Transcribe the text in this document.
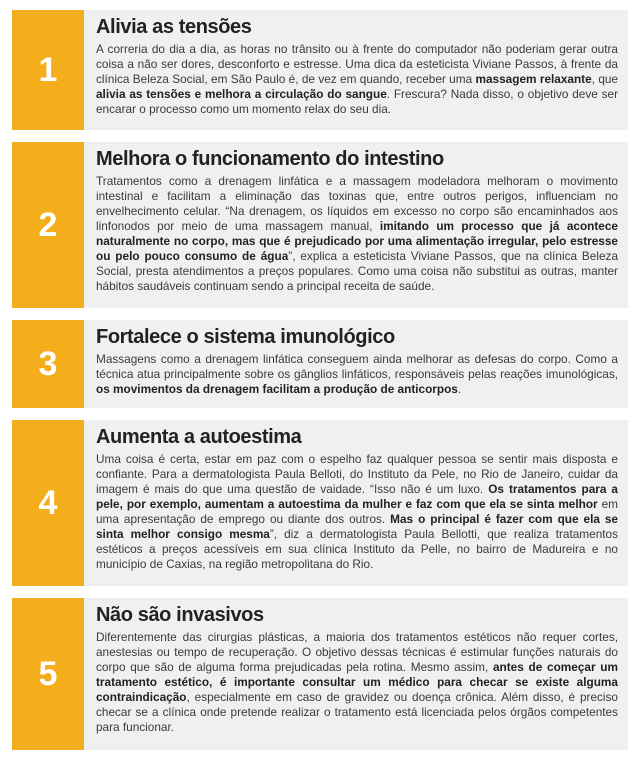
1
Alivia as tensões

A correria do dia a dia, as horas no trânsito ou à frente do computador não poderiam gerar outra coisa a não ser dores, desconforto e estresse. Uma dica da esteticista Viviane Passos, à frente da clínica Beleza Social, em São Paulo é, de vez em quando, receber uma massagem relaxante, que alivia as tensões e melhora a circulação do sangue. Frescura? Nada disso, o objetivo deve ser encarar o processo como um momento relax do seu dia.

2
Melhora o funcionamento do intestino

Tratamentos como a drenagem linfática e a massagem modeladora melhoram o movimento intestinal e facilitam a eliminação das toxinas que, entre outros perigos, influenciam no envelhecimento celular. “Na drenagem, os líquidos em excesso no corpo são encaminhados aos linfonodos por meio de uma massagem manual, imitando um processo que já acontece naturalmente no corpo, mas que é prejudicado por uma alimentação irregular, pelo estresse ou pelo pouco consumo de água”, explica a esteticista Viviane Passos, que na clínica Beleza Social, presta atendimentos a preços populares. Como uma coisa não substitui as outras, manter hábitos saudáveis continuam sendo a principal receita de saúde.

3
Fortalece o sistema imunológico

Massagens como a drenagem linfática conseguem ainda melhorar as defesas do corpo. Como a técnica atua principalmente sobre os gânglios linfáticos, responsáveis pelas reações imunológicas, os movimentos da drenagem facilitam a produção de anticorpos.

4
Aumenta a autoestima

Uma coisa é certa, estar em paz com o espelho faz qualquer pessoa se sentir mais disposta e confiante. Para a dermatologista Paula Belloti, do Instituto da Pele, no Rio de Janeiro, cuidar da imagem é mais do que uma questão de vaidade. “Isso não é um luxo. Os tratamentos para a pele, por exemplo, aumentam a autoestima da mulher e faz com que ela se sinta melhor em uma apresentação de emprego ou diante dos outros. Mas o principal é fazer com que ela se sinta melhor consigo mesma”, diz a dermatologista Paula Bellotti, que realiza tratamentos estéticos a preços acessíveis em sua clínica Instituto da Pelle, no bairro de Madureira e no município de Caxias, na região metropolitana do Rio.

5
Não são invasivos

Diferentemente das cirurgias plásticas, a maioria dos tratamentos estéticos não requer cortes, anestesias ou tempo de recuperação. O objetivo dessas técnicas é estimular funções naturais do corpo que são de alguma forma prejudicadas pela rotina. Mesmo assim, antes de começar um tratamento estético, é importante consultar um médico para checar se existe alguma contraindicação, especialmente em caso de gravidez ou doença crônica. Além disso, é preciso checar se a clínica onde pretende realizar o tratamento está licenciada pelos órgãos competentes para funcionar.
